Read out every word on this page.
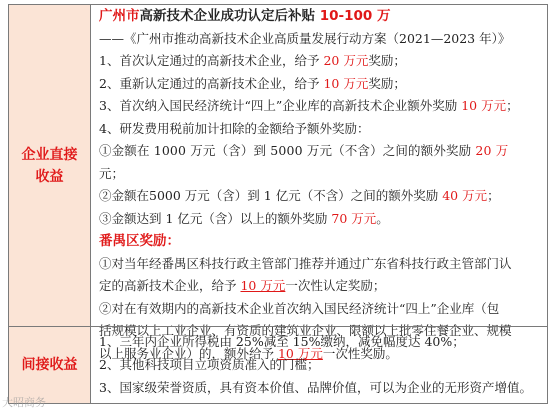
企业直接收益
广州市高新技术企业成功认定后补贴 10-100 万
——《广州市推动高新技术企业高质量发展行动方案（2021—2023 年）》
1、首次认定通过的高新技术企业，给予 20 万元奖励；
2、重新认定通过的高新技术企业，给予 10 万元奖励；
3、首次纳入国民经济统计“四上”企业库的高新技术企业额外奖励 10 万元；
4、研发费用税前加计扣除的金额给予额外奖励：
①金额在 1000 万元（含）到 5000 万元（不含）之间的额外奖励 20 万
元；
②金额在5000 万元（含）到 1 亿元（不含）之间的额外奖励 40 万元；
③金额达到 1 亿元（含）以上的额外奖励 70 万元。
番禺区奖励：
①对当年经番禺区科技行政主管部门推荐并通过广东省科技行政主管部门认
定的高新技术企业，给予 10 万元一次性认定奖励；
②对在有效期内的高新技术企业首次纳入国民经济统计“四上”企业库（包
括规模以上工业企业、有资质的建筑业企业、限额以上批零住餐企业、规模
以上服务业企业）的，额外给予 10 万元一次性奖励。
间接收益
1、三年内企业所得税由 25%减至 15%缴纳，减免幅度达 40%；
2、其他科技项目立项资质准入的门槛；
3、国家级荣誉资质，具有资本价值、品牌价值，可以为企业的无形资产增值。
大昭商务
